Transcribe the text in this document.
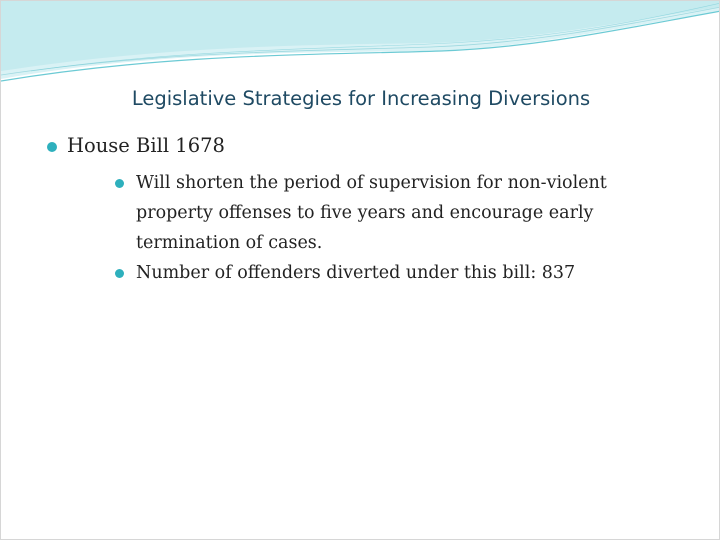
Legislative Strategies for Increasing Diversions
House Bill 1678
Will shorten the period of supervision for non-violent property offenses to five years and encourage early termination of cases.
Number of offenders diverted under this bill: 837
